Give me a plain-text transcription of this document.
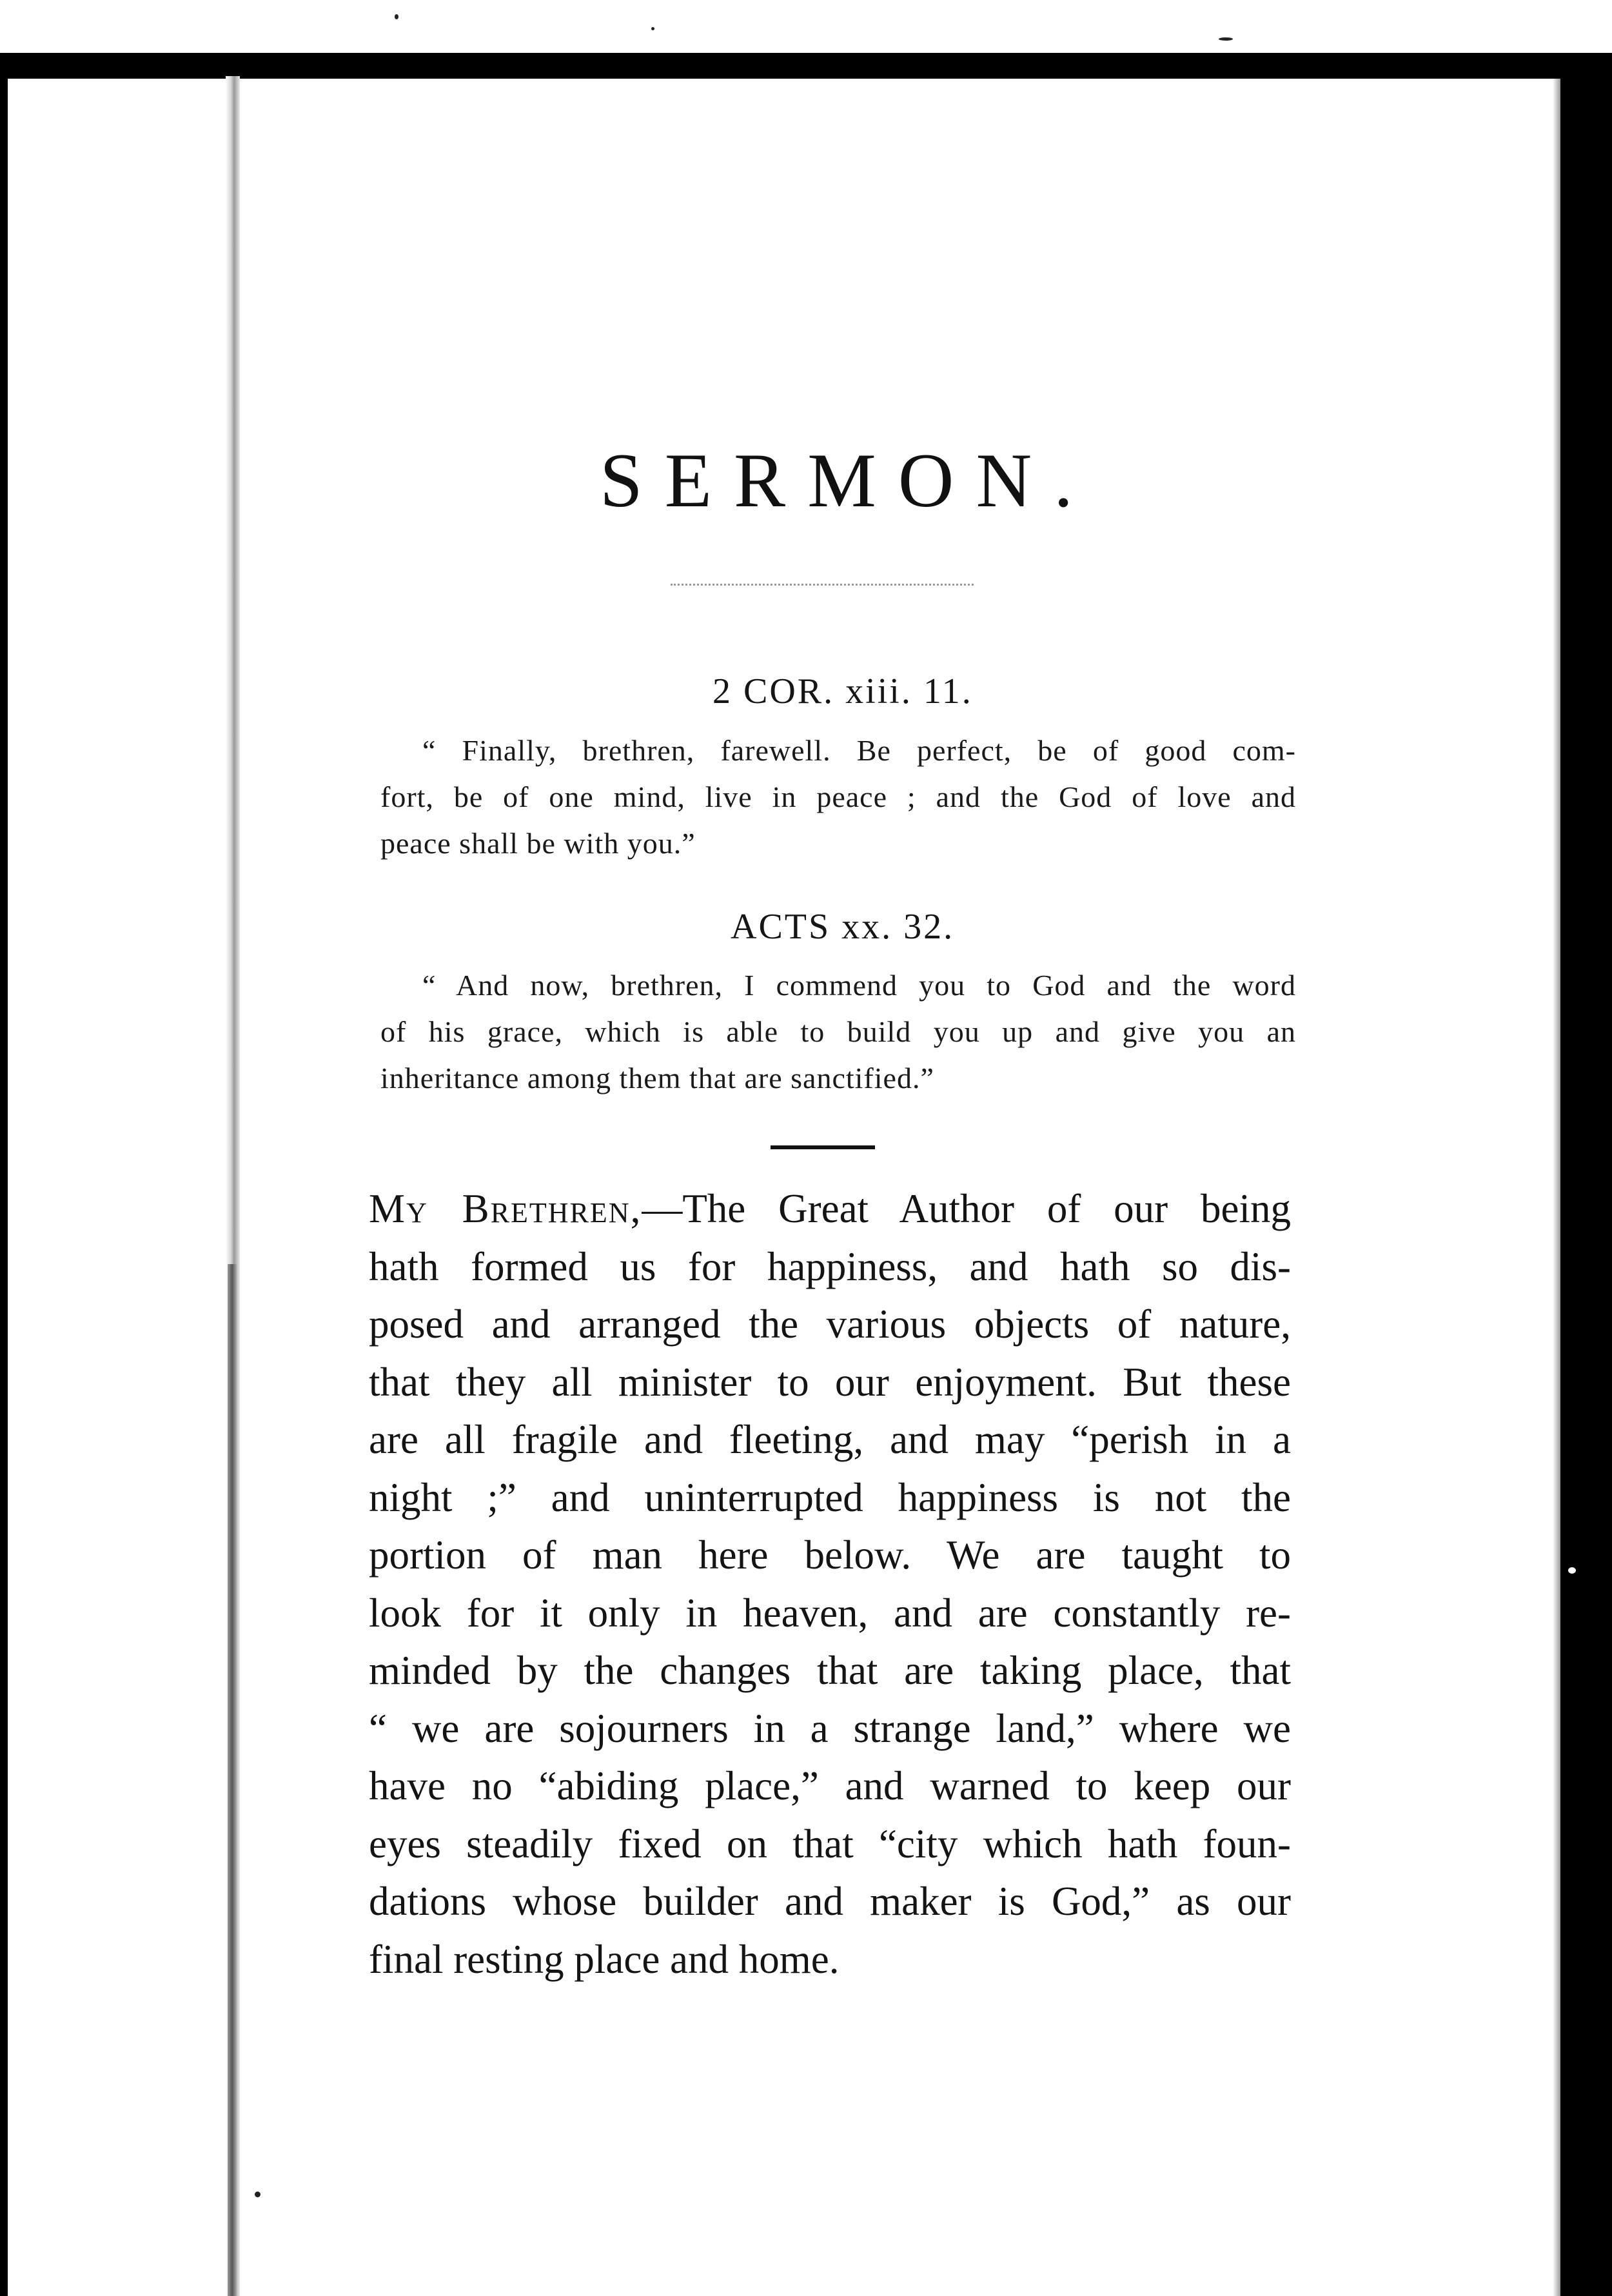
SERMON.
2 COR. xiii. 11.
“ Finally, brethren, farewell. Be perfect, be of good com-
fort, be of one mind, live in peace ; and the God of love and
peace shall be with you.”
ACTS xx. 32.
“ And now, brethren, I commend you to God and the word
of his grace, which is able to build you up and give you an
inheritance among them that are sanctified.”
My Brethren,—The Great Author of our being
hath formed us for happiness, and hath so dis-
posed and arranged the various objects of nature,
that they all minister to our enjoyment. But these
are all fragile and fleeting, and may “perish in a
night ;” and uninterrupted happiness is not the
portion of man here below. We are taught to
look for it only in heaven, and are constantly re-
minded by the changes that are taking place, that
“ we are sojourners in a strange land,” where we
have no “abiding place,” and warned to keep our
eyes steadily fixed on that “city which hath foun-
dations whose builder and maker is God,” as our
final resting place and home.
